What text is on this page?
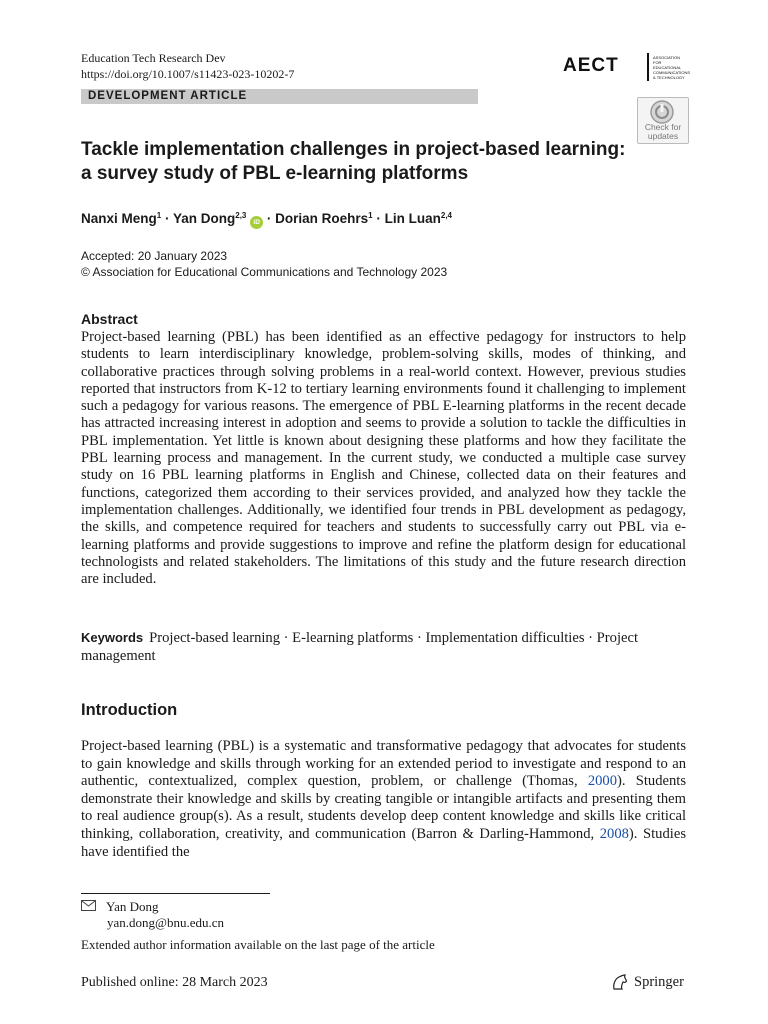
Education Tech Research Dev
https://doi.org/10.1007/s11423-023-10202-7	AECT	ASSOCIATION FOR EDUCATIONAL COMMUNICATIONS & TECHNOLOGY
DEVELOPMENT ARTICLE
Check for
updates
Tackle implementation challenges in project-based learning:
a survey study of PBL e-learning platforms
Nanxi Meng$^1$ · Yan Dong$^{2,3}$ iD · Dorian Roehrs$^1$ · Lin Luan$^{2,4}$
Accepted: 20 January 2023
© Association for Educational Communications and Technology 2023
Abstract
Project-based learning (PBL) has been identified as an effective pedagogy for instructors to help students to learn interdisciplinary knowledge, problem-solving skills, modes of thinking, and collaborative practices through solving problems in a real-world context. However, previous studies reported that instructors from K-12 to tertiary learning environments found it challenging to implement such a pedagogy for various reasons. The emergence of PBL E-learning platforms in the recent decade has attracted increasing interest in adoption and seems to provide a solution to tackle the difficulties in PBL implementation. Yet little is known about designing these platforms and how they facilitate the PBL learning process and management. In the current study, we conducted a multiple case survey study on 16 PBL learning platforms in English and Chinese, collected data on their features and functions, categorized them according to their services provided, and analyzed how they tackle the implementation challenges. Additionally, we identified four trends in PBL development as pedagogy, the skills, and competence required for teachers and students to successfully carry out PBL via e-learning platforms and provide suggestions to improve and refine the platform design for educational technologists and related stakeholders. The limitations of this study and the future research direction are included.
Keywords Project-based learning · E-learning platforms · Implementation difficulties · Project management
Introduction
Project-based learning (PBL) is a systematic and transformative pedagogy that advocates for students to gain knowledge and skills through working for an extended period to investigate and respond to an authentic, contextualized, complex question, problem, or challenge (Thomas, 2000). Students demonstrate their knowledge and skills by creating tangible or intangible artifacts and presenting them to real audience group(s). As a result, students develop deep content knowledge and skills like critical thinking, collaboration, creativity, and communication (Barron & Darling-Hammond, 2008). Studies have identified the
Yan Dong
yan.dong@bnu.edu.cn
Extended author information available on the last page of the article
Published online: 28 March 2023	Springer
